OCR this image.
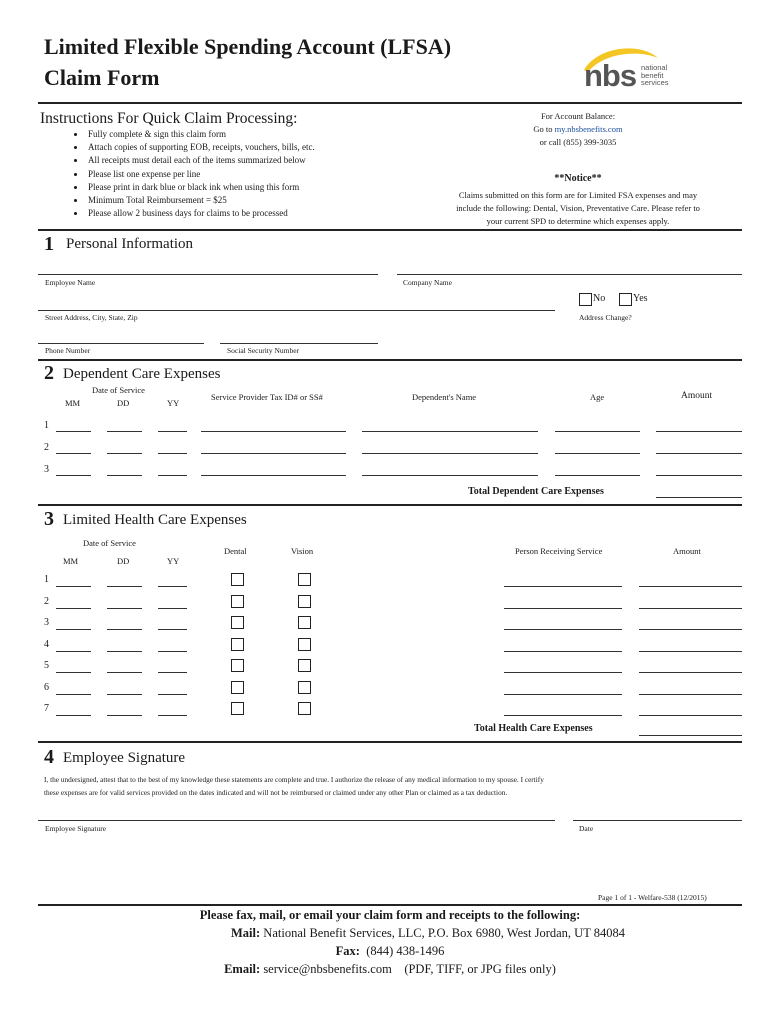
Limited Flexible Spending Account (LFSA)
Claim Form	nbs national
benefit
services
Instructions For Quick Claim Processing:
• Fully complete & sign this claim form
• Attach copies of supporting EOB, receipts, vouchers, bills, etc.
• All receipts must detail each of the items summarized below
• Please list one expense per line
• Please print in dark blue or black ink when using this form
• Minimum Total Reimbursement = $25
• Please allow 2 business days for claims to be processed
For Account Balance:
Go to my.nbsbenefits.com
or call (855) 399-3035
**Notice**
Claims submitted on this form are for Limited FSA expenses and may
include the following: Dental, Vision, Preventative Care. Please refer to
your current SPD to determine which expenses apply.
1 Personal Information
Employee Name	Company Name
No	Yes
Street Address, City, State, Zip	Address Change?
Phone Number	Social Security Number
2 Dependent Care Expenses
Date of Service
MM	DD	YY
Service Provider Tax ID# or SS#	Dependent's Name	Age	Amount
1
2
3
Total Dependent Care Expenses
3 Limited Health Care Expenses
Date of Service
MM	DD	YY
Dental	Vision	Person Receiving Service	Amount
1
2
3
4
5
6
7
Total Health Care Expenses
4 Employee Signature
I, the undersigned, attest that to the best of my knowledge these statements are complete and true. I authorize the release of any medical information to my spouse. I certify
these expenses are for valid services provided on the dates indicated and will not be reimbursed or claimed under any other Plan or claimed as a tax deduction.
Employee Signature	Date
Page 1 of 1 - Welfare-538 (12/2015)
Please fax, mail, or email your claim form and receipts to the following:
Mail: National Benefit Services, LLC, P.O. Box 6980, West Jordan, UT 84084
Fax:  (844) 438-1496
Email: service@nbsbenefits.com    (PDF, TIFF, or JPG files only)
